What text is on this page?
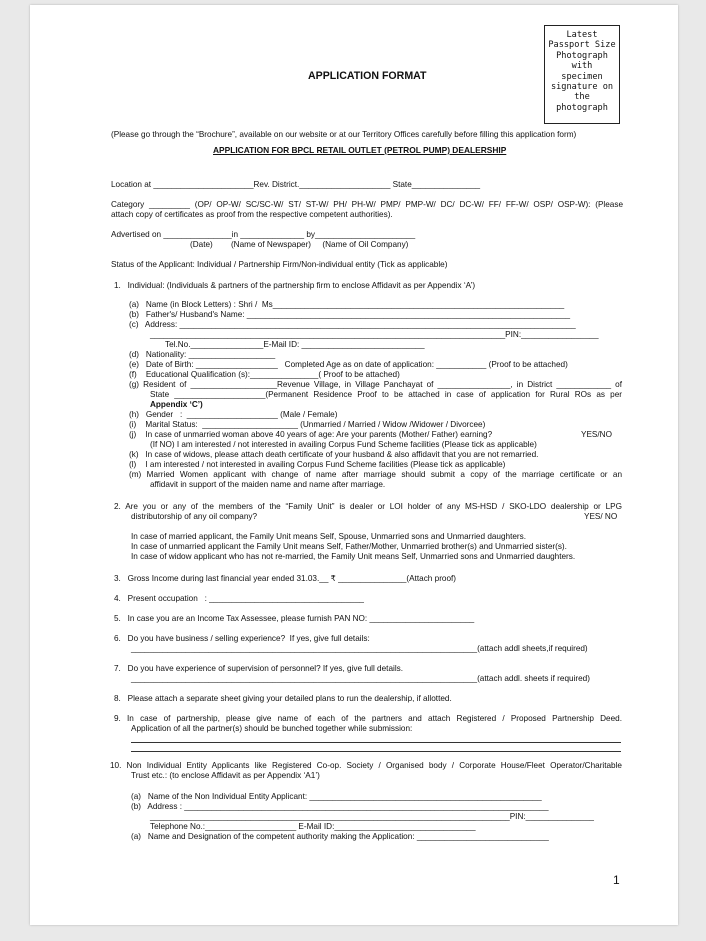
Latest
Passport Size
Photograph
with
specimen
signature on
the
photograph
APPLICATION FORMAT
(Please go through the “Brochure”, available on our website or at our Territory Offices carefully before filling this application form)
APPLICATION FOR BPCL RETAIL OUTLET (PETROL PUMP) DEALERSHIP
Location at ______________________Rev. District.____________________ State_______________
Category _________ (OP/ OP-W/ SC/SC-W/ ST/ ST-W/ PH/ PH-W/ PMP/ PMP-W/ DC/ DC-W/ FF/ FF-W/ OSP/ OSP-W): (Please
attach copy of certificates as proof from the respective competent authorities).
Advertised on _______________in ______________ by______________________
(Date)        (Name of Newspaper)     (Name of Oil Company)
Status of the Applicant: Individual / Partnership Firm/Non-individual entity (Tick as applicable)
1.   Individual: (Individuals & partners of the partnership firm to enclose Affidavit as per Appendix ‘A’)
(a)   Name (in Block Letters) : Shri /  Ms________________________________________________________________
(b)   Father's/ Husband's Name: _______________________________________________________________________
(c)   Address: _______________________________________________________________________________________
______________________________________________________________________________PIN:_________________
Tel.No.________________E-Mail ID: ___________________________
(d)   Nationality: ___________________
(e)   Date of Birth: __________________   Completed Age as on date of application: ___________ (Proof to be attached)
(f)    Educational Qualification (s):_______________( Proof to be attached)
(g) Resident of ___________________Revenue Village, in Village Panchayat of ________________, in District ____________ of
State ____________________(Permanent Residence Proof to be attached in case of application for Rural ROs as per
Appendix ‘C’)
(h)   Gender   :  ____________________ (Male / Female)
(i)    Marital Status:  _____________________ (Unmarried / Married / Widow /Widower / Divorcee)
(j)    In case of unmarried woman above 40 years of age: Are your parents (Mother/ Father) earning?	YES/NO
(If NO) I am interested / not interested in availing Corpus Fund Scheme facilities (Please tick as applicable)
(k)   In case of widows, please attach death certificate of your husband & also affidavit that you are not remarried.
(l)    I am interested / not interested in availing Corpus Fund Scheme facilities (Please tick as applicable)
(m) Married Women applicant with change of name after marriage should submit a copy of the marriage certificate or an
affidavit in support of the maiden name and name after marriage.
2. Are you or any of the members of the “Family Unit” is dealer or LOI holder of any MS-HSD / SKO-LDO dealership or LPG
distributorship of any oil company?	YES/ NO
In case of married applicant, the Family Unit means Self, Spouse, Unmarried sons and Unmarried daughters.
In case of unmarried applicant the Family Unit means Self, Father/Mother, Unmarried brother(s) and Unmarried sister(s).
In case of widow applicant who has not re-married, the Family Unit means Self, Unmarried sons and Unmarried daughters.
3.   Gross Income during last financial year ended 31.03.__ ₹ _______________(Attach proof)
4.   Present occupation   : __________________________________
5.   In case you are an Income Tax Assessee, please furnish PAN NO: _______________________
6.   Do you have business / selling experience?  If yes, give full details:
____________________________________________________________________________(attach addl sheets,if required)
7.   Do you have experience of supervision of personnel? If yes, give full details.
____________________________________________________________________________(attach addl. sheets if required)
8.   Please attach a separate sheet giving your detailed plans to run the dealership, if allotted.
9. In case of partnership, please give name of each of the partners and attach Registered / Proposed Partnership Deed.
Application of all the partner(s) should be bunched together while submission:
10. Non Individual Entity Applicants like Registered Co-op. Society / Organised body / Corporate House/Fleet Operator/Charitable
Trust etc.: (to enclose Affidavit as per Appendix ‘A1’)
(a)   Name of the Non Individual Entity Applicant: ___________________________________________________
(b)   Address : ________________________________________________________________________________
_______________________________________________________________________________PIN:_______________
Telephone No.:____________________ E-Mail ID:_______________________________
(a)   Name and Designation of the competent authority making the Application: _____________________________
1
